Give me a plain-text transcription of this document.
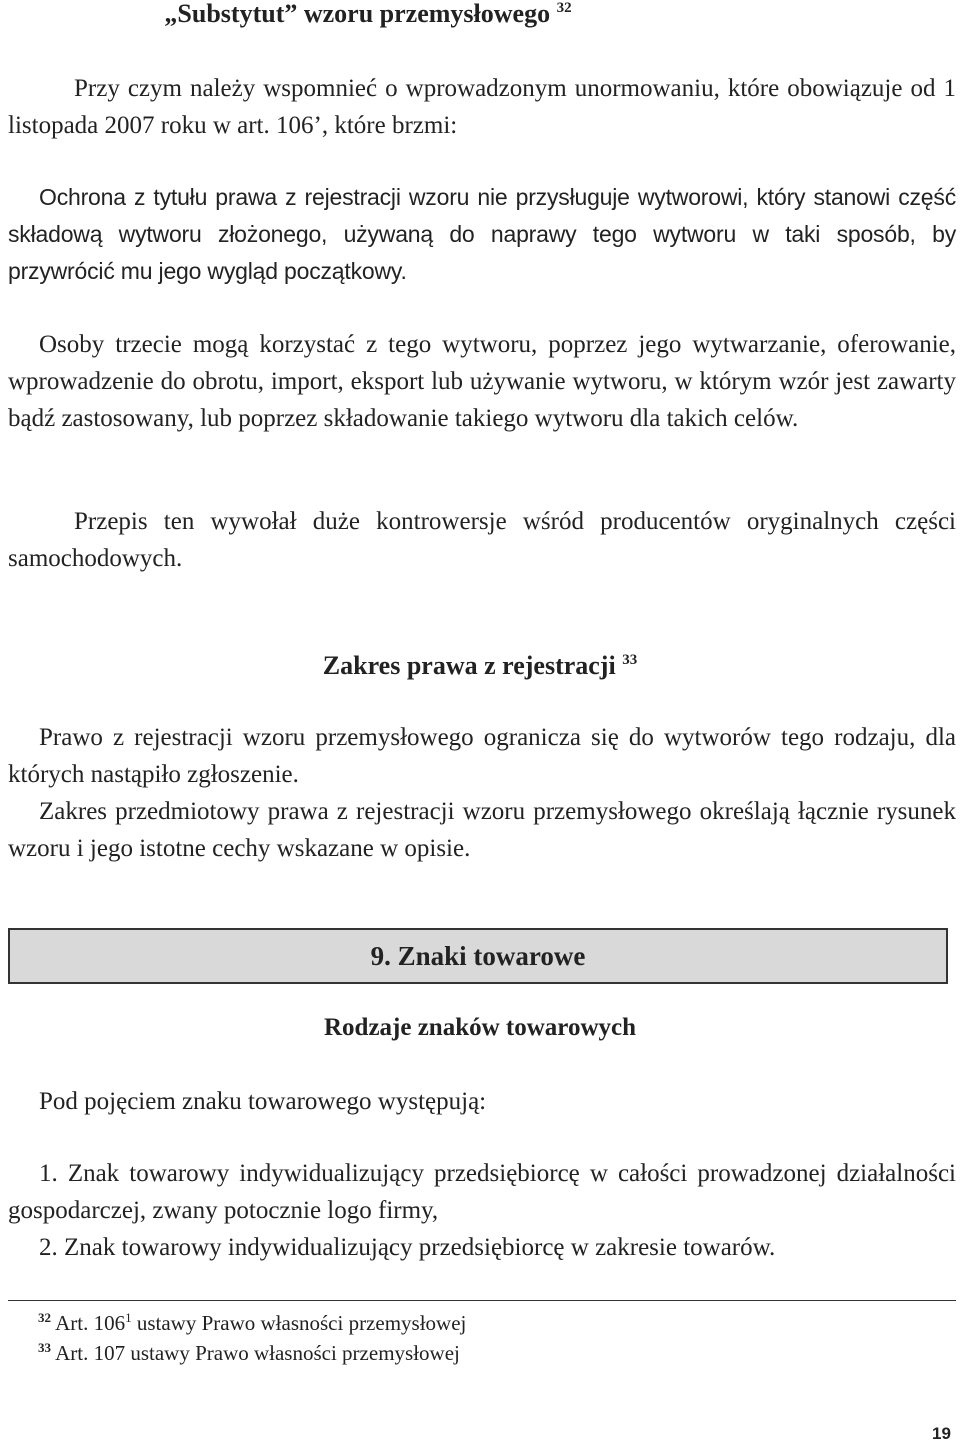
„Substytut” wzoru przemysłowego $^{32}$

Przy czym należy wspomnieć o wprowadzonym unormowaniu, które obowiązuje od 1 listopada 2007 roku w art. 106’, które brzmi:

Ochrona z tytułu prawa z rejestracji wzoru nie przysługuje wytworowi, który stanowi część składową wytworu złożonego, używaną do naprawy tego wytworu w taki sposób, by przywrócić mu jego wygląd początkowy.

Osoby trzecie mogą korzystać z tego wytworu, poprzez jego wytwarzanie, oferowanie, wprowadzenie do obrotu, import, eksport lub używanie wytworu, w którym wzór jest zawarty bądź zastosowany, lub poprzez składowanie takiego wytworu dla takich celów.

Przepis ten wywołał duże kontrowersje wśród producentów oryginalnych części samochodowych.

Zakres prawa z rejestracji $^{33}$

Prawo z rejestracji wzoru przemysłowego ogranicza się do wytworów tego rodzaju, dla których nastąpiło zgłoszenie.

Zakres przedmiotowy prawa z rejestracji wzoru przemysłowego określają łącznie rysunek wzoru i jego istotne cechy wskazane w opisie.

9. Znaki towarowe
Rodzaje znaków towarowych

Pod pojęciem znaku towarowego występują:

1. Znak towarowy indywidualizujący przedsiębiorcę w całości prowadzonej działalności gospodarczej, zwany potocznie logo firmy,

2. Znak towarowy indywidualizujący przedsiębiorcę w zakresie towarów.

$^{32}$ Art. $106^1$ ustawy Prawo własności przemysłowej

$^{33}$ Art. 107 ustawy Prawo własności przemysłowej

19
